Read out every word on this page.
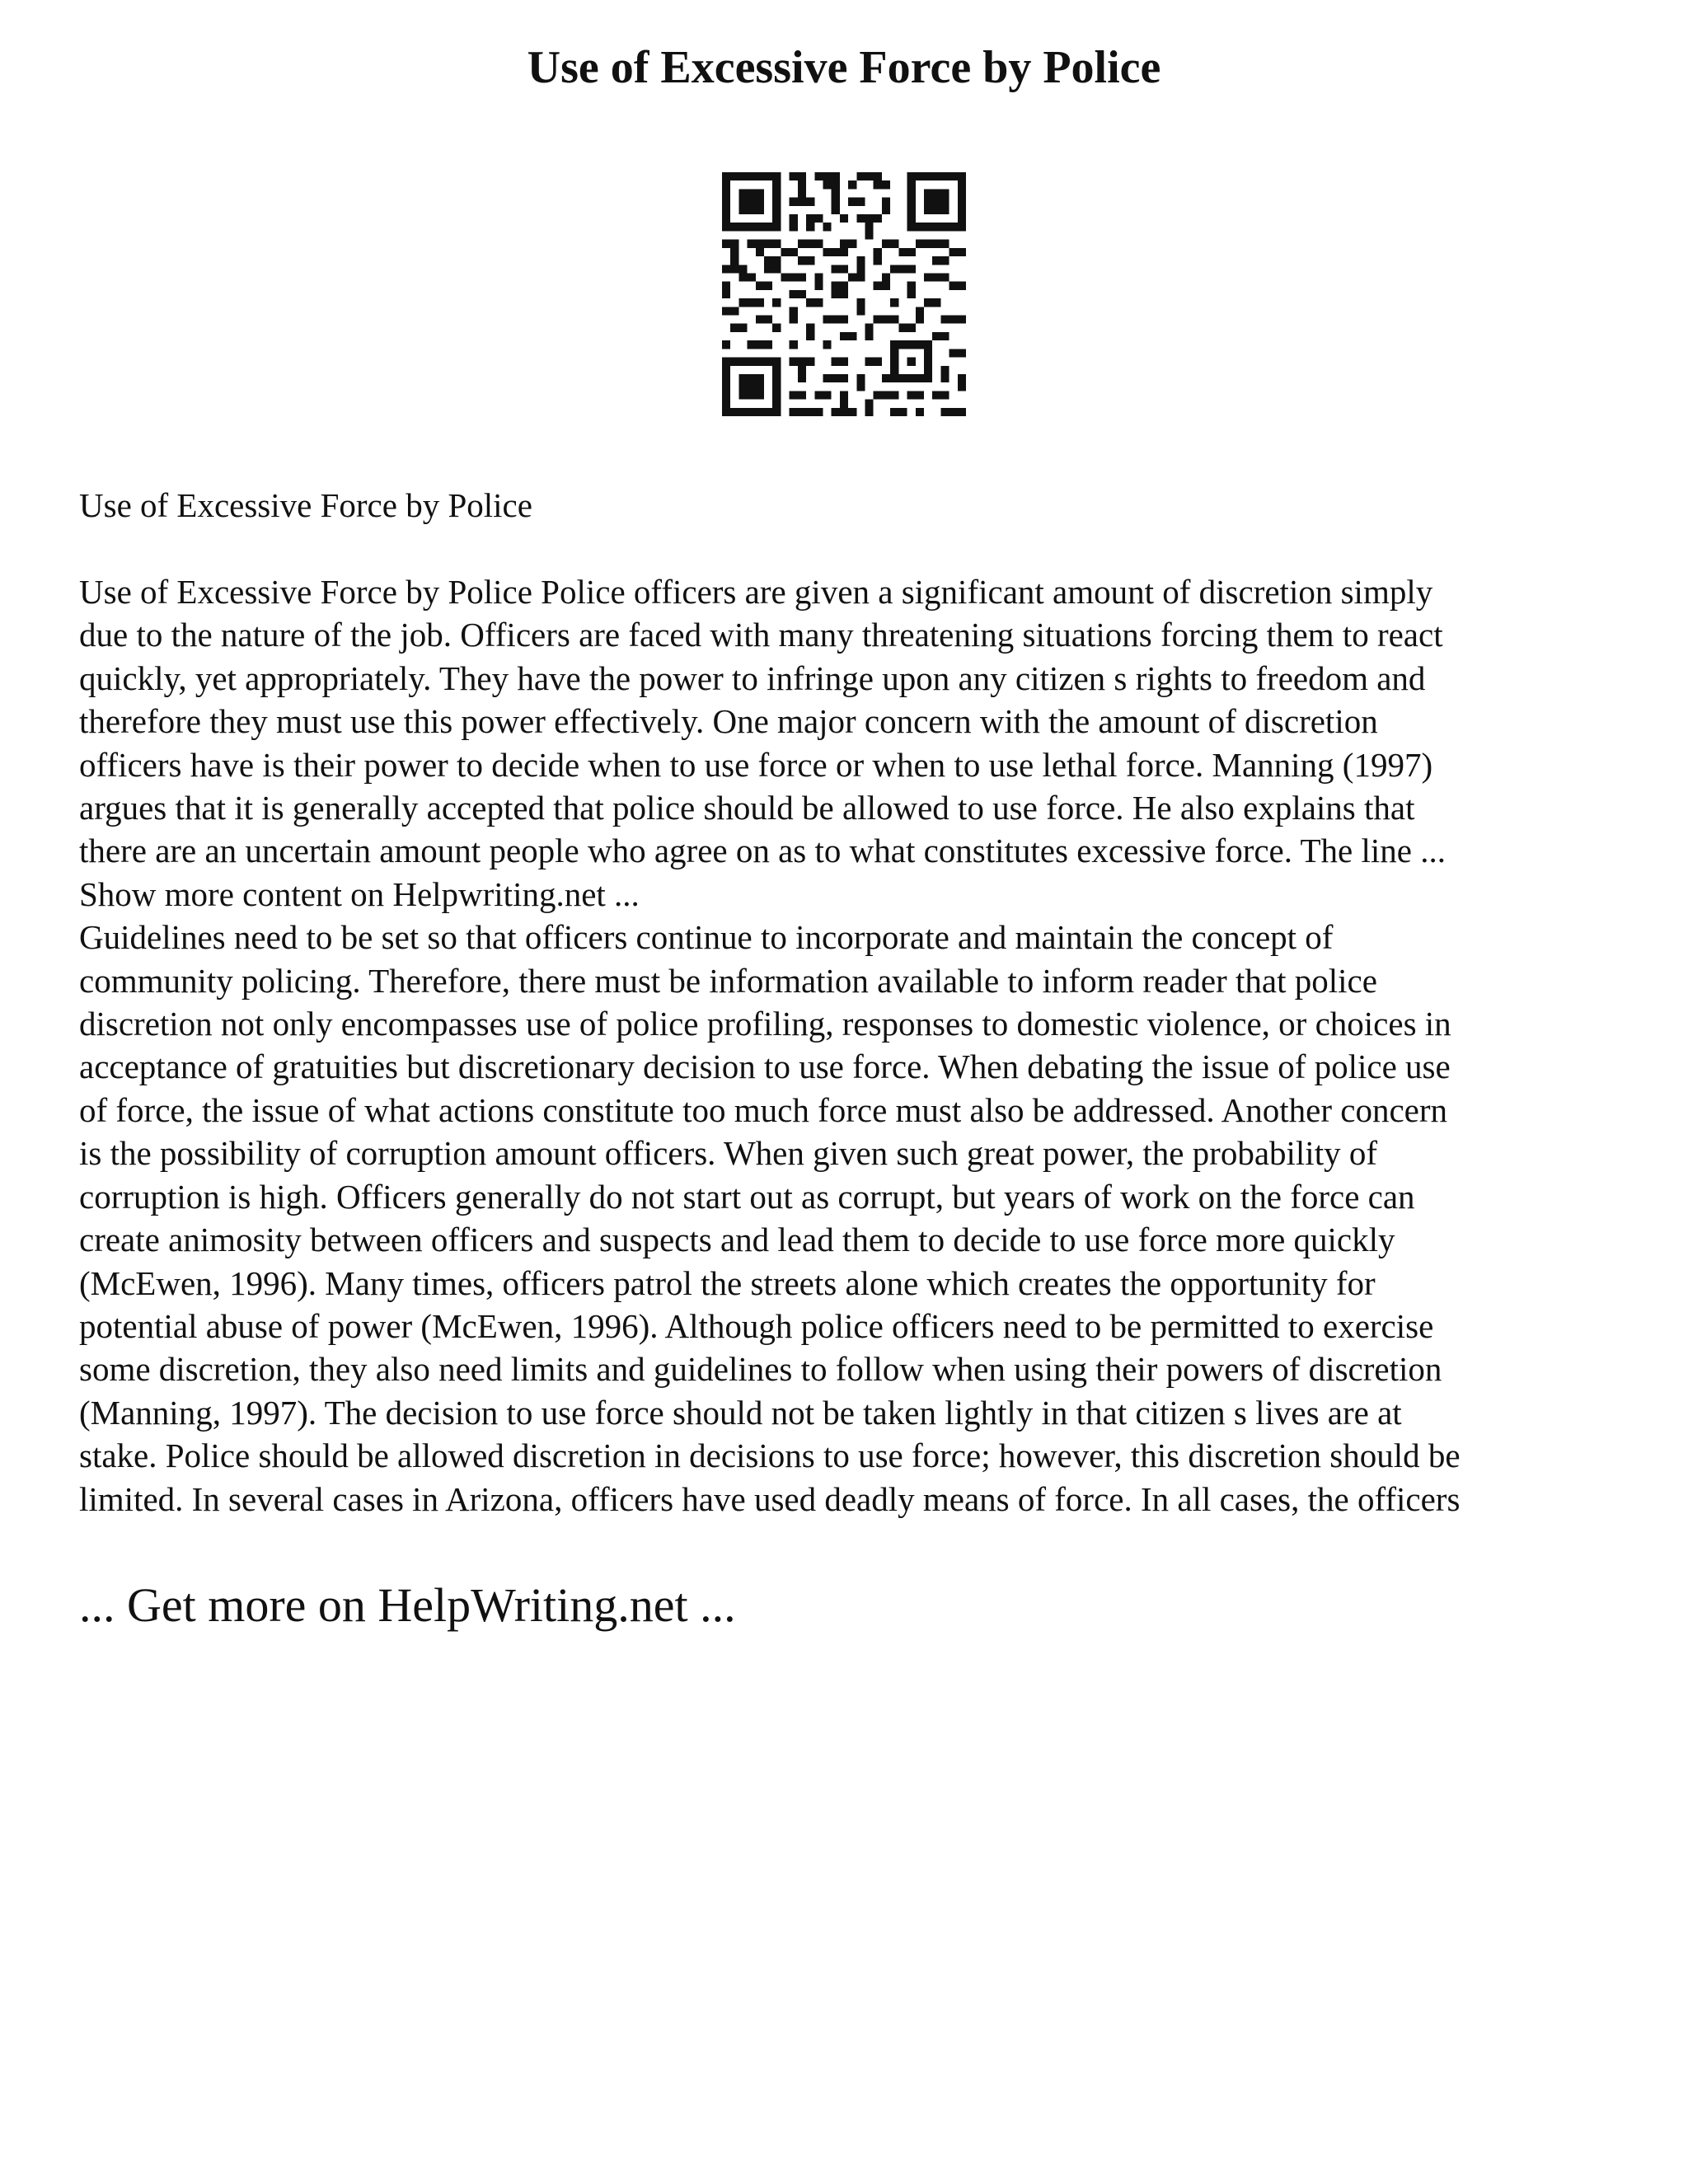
Use of Excessive Force by Police

Use of Excessive Force by Police

Use of Excessive Force by Police Police officers are given a significant amount of discretion simply
due to the nature of the job. Officers are faced with many threatening situations forcing them to react
quickly, yet appropriately. They have the power to infringe upon any citizen s rights to freedom and
therefore they must use this power effectively. One major concern with the amount of discretion
officers have is their power to decide when to use force or when to use lethal force. Manning (1997)
argues that it is generally accepted that police should be allowed to use force. He also explains that
there are an uncertain amount people who agree on as to what constitutes excessive force. The line ...
Show more content on Helpwriting.net ...

Guidelines need to be set so that officers continue to incorporate and maintain the concept of
community policing. Therefore, there must be information available to inform reader that police
discretion not only encompasses use of police profiling, responses to domestic violence, or choices in
acceptance of gratuities but discretionary decision to use force. When debating the issue of police use
of force, the issue of what actions constitute too much force must also be addressed. Another concern
is the possibility of corruption amount officers. When given such great power, the probability of
corruption is high. Officers generally do not start out as corrupt, but years of work on the force can
create animosity between officers and suspects and lead them to decide to use force more quickly
(McEwen, 1996). Many times, officers patrol the streets alone which creates the opportunity for
potential abuse of power (McEwen, 1996). Although police officers need to be permitted to exercise
some discretion, they also need limits and guidelines to follow when using their powers of discretion
(Manning, 1997). The decision to use force should not be taken lightly in that citizen s lives are at
stake. Police should be allowed discretion in decisions to use force; however, this discretion should be
limited. In several cases in Arizona, officers have used deadly means of force. In all cases, the officers

... Get more on HelpWriting.net ...
